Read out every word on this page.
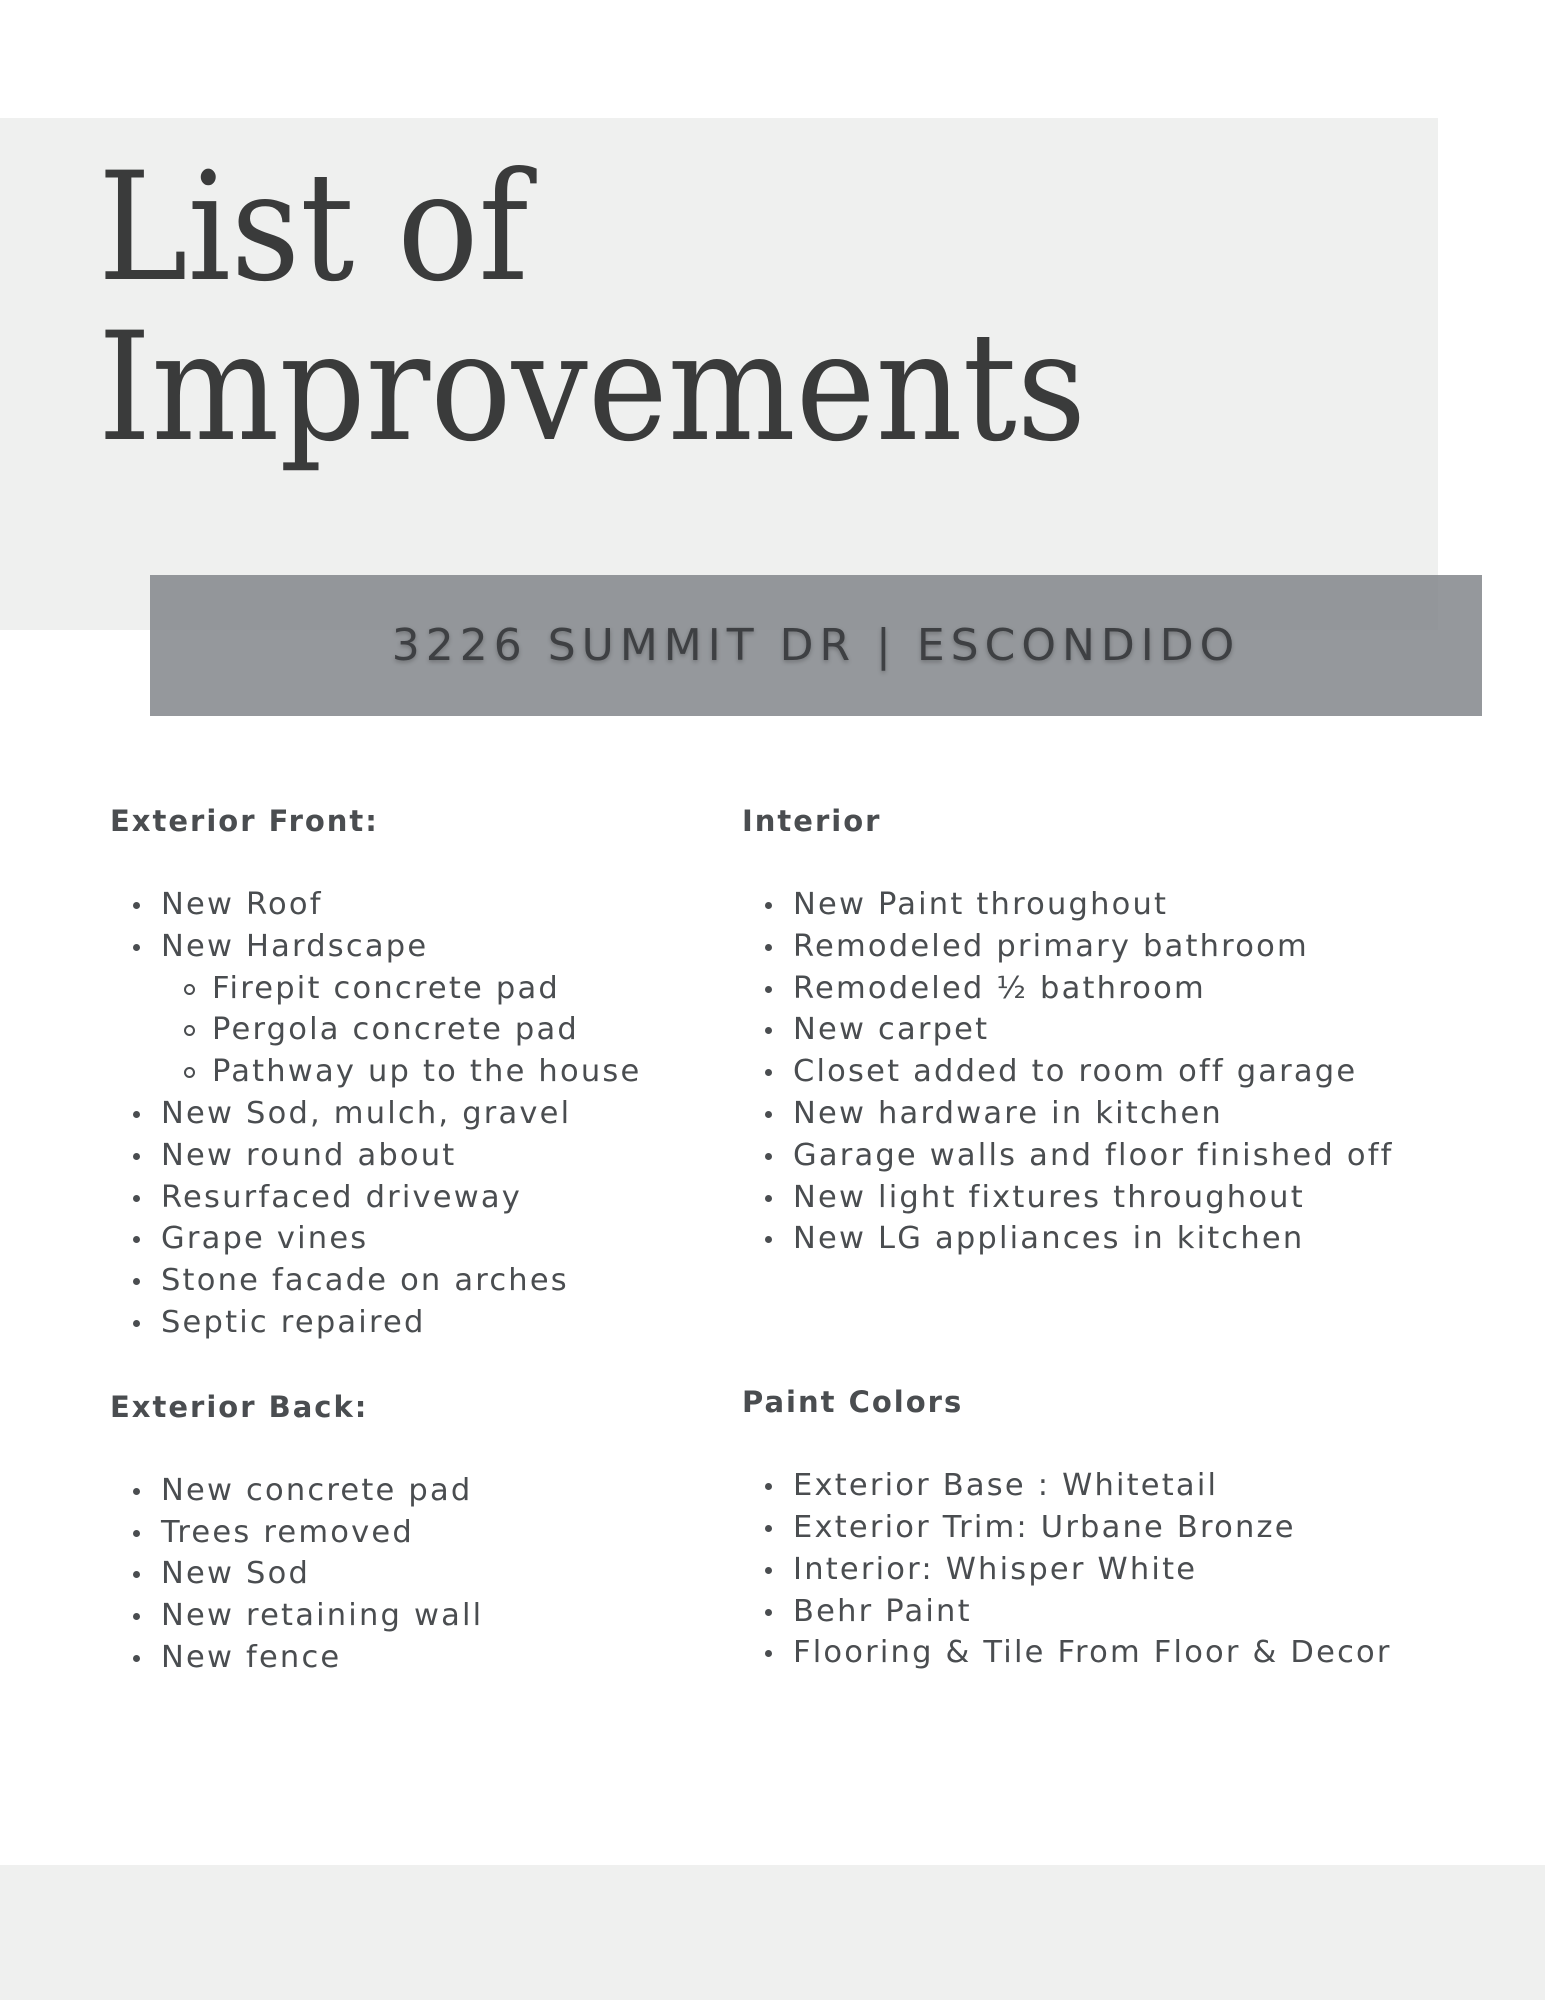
List of
Improvements
3226 SUMMIT DR | ESCONDIDO
Exterior Front:
New Roof
New Hardscape
Firepit concrete pad
Pergola concrete pad
Pathway up to the house
New Sod, mulch, gravel
New round about
Resurfaced driveway
Grape vines
Stone facade on arches
Septic repaired
Exterior Back:
New concrete pad
Trees removed
New Sod
New retaining wall
New fence
Interior
New Paint throughout
Remodeled primary bathroom
Remodeled ½ bathroom
New carpet
Closet added to room off garage
New hardware in kitchen
Garage walls and floor finished off
New light fixtures throughout
New LG appliances in kitchen
Paint Colors
Exterior Base : Whitetail
Exterior Trim: Urbane Bronze
Interior: Whisper White
Behr Paint
Flooring & Tile From Floor & Decor
